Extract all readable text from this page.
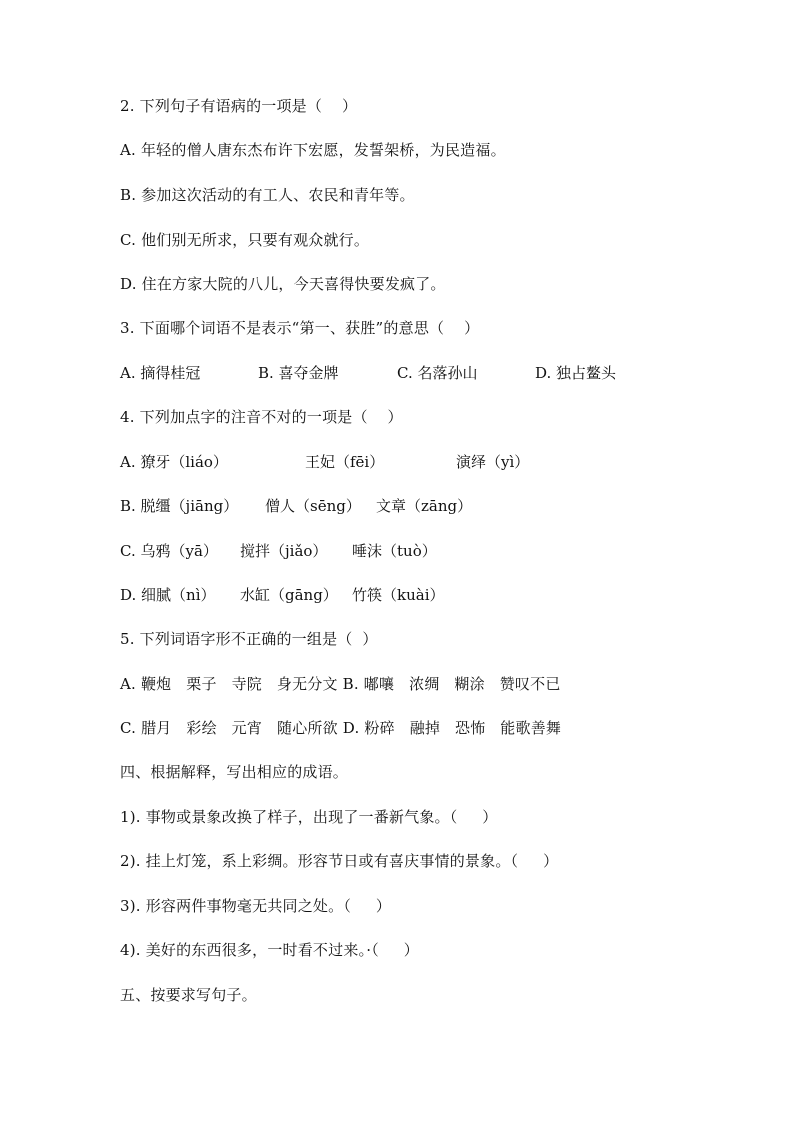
2. 下列句子有语病的一项是（    ）
A. 年轻的僧人唐东杰布许下宏愿，发誓架桥，为民造福。
B. 参加这次活动的有工人、农民和青年等。
C. 他们别无所求，只要有观众就行。
D. 住在方家大院的八儿，今天喜得快要发疯了。
3. 下面哪个词语不是表示“第一、获胜”的意思（    ）
A. 摘得桂冠	B. 喜夺金牌	C. 名落孙山	D. 独占鳌头
4. 下列加点字的注音不对的一项是（    ）
A. 獠牙（liáo）	王妃（fēi）	演绎（yì）
B. 脱缰（jiāng） 僧人（sēng） 文章（zāng）
C. 乌鸦（yā） 搅拌（jiǎo） 唾沫（tuò）
D. 细腻（nì） 水缸（gāng） 竹筷（kuài）
5. 下列词语字形不正确的一组是（  ）
A. 鞭炮   栗子   寺院   身无分文 B. 嘟嚷   浓绸   糊涂   赞叹不已
C. 腊月   彩绘   元宵   随心所欲 D. 粉碎   融掉   恐怖   能歌善舞
四、根据解释，写出相应的成语。
1). 事物或景象改换了样子，出现了一番新气象。（     ）
2). 挂上灯笼，系上彩绸。形容节日或有喜庆事情的景象。（     ）
3). 形容两件事物毫无共同之处。（     ）
4). 美好的东西很多，一时看不过来。·（     ）
五、按要求写句子。
